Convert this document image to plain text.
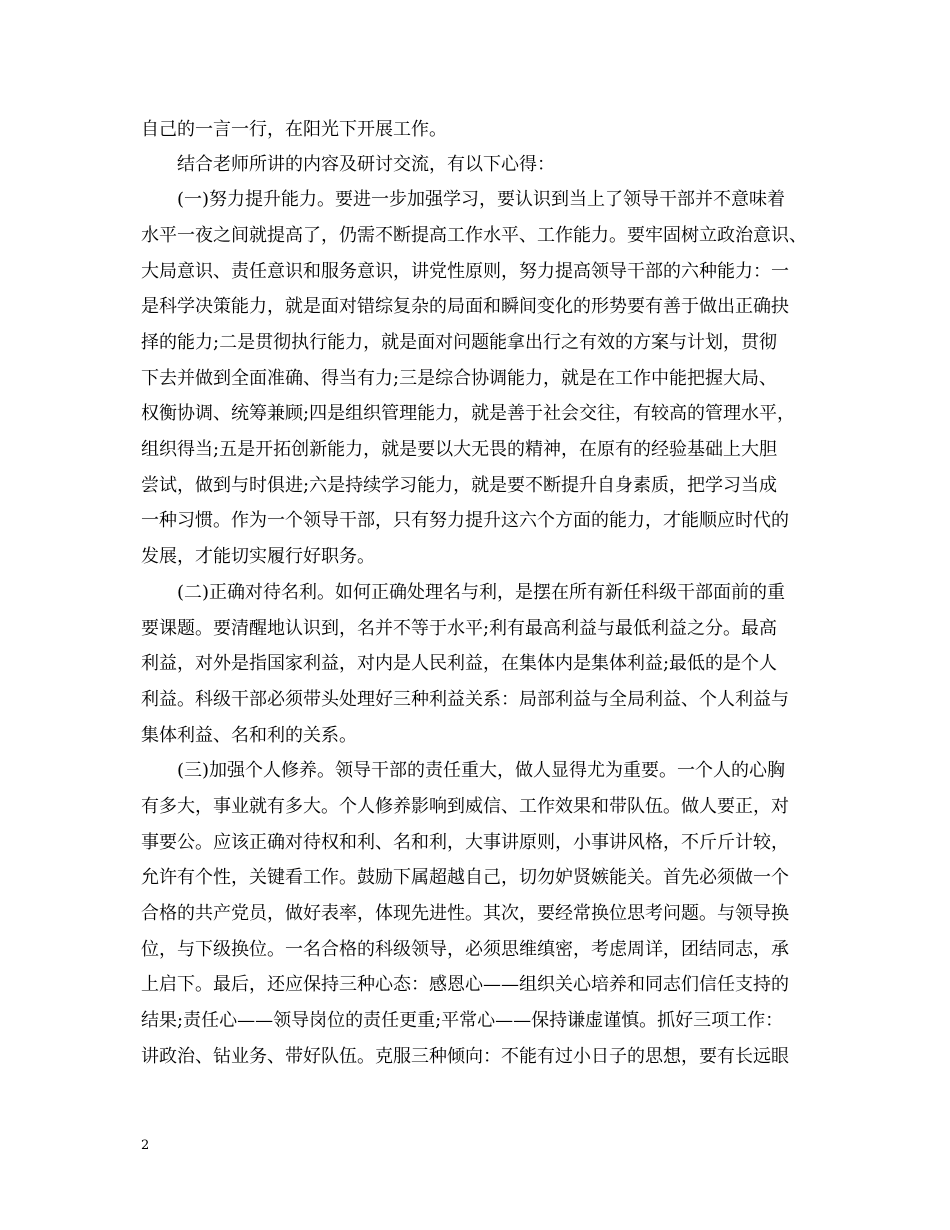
自己的一言一行，在阳光下开展工作。
结合老师所讲的内容及研讨交流，有以下心得：
(一)努力提升能力。要进一步加强学习，要认识到当上了领导干部并不意味着
水平一夜之间就提高了，仍需不断提高工作水平、工作能力。要牢固树立政治意识、
大局意识、责任意识和服务意识，讲党性原则，努力提高领导干部的六种能力：一
是科学决策能力，就是面对错综复杂的局面和瞬间变化的形势要有善于做出正确抉
择的能力;二是贯彻执行能力，就是面对问题能拿出行之有效的方案与计划，贯彻
下去并做到全面准确、得当有力;三是综合协调能力，就是在工作中能把握大局、
权衡协调、统筹兼顾;四是组织管理能力，就是善于社会交往，有较高的管理水平，
组织得当;五是开拓创新能力，就是要以大无畏的精神，在原有的经验基础上大胆
尝试，做到与时俱进;六是持续学习能力，就是要不断提升自身素质，把学习当成
一种习惯。作为一个领导干部，只有努力提升这六个方面的能力，才能顺应时代的
发展，才能切实履行好职务。
(二)正确对待名利。如何正确处理名与利，是摆在所有新任科级干部面前的重
要课题。要清醒地认识到，名并不等于水平;利有最高利益与最低利益之分。最高
利益，对外是指国家利益，对内是人民利益，在集体内是集体利益;最低的是个人
利益。科级干部必须带头处理好三种利益关系：局部利益与全局利益、个人利益与
集体利益、名和利的关系。
(三)加强个人修养。领导干部的责任重大，做人显得尤为重要。一个人的心胸
有多大，事业就有多大。个人修养影响到威信、工作效果和带队伍。做人要正，对
事要公。应该正确对待权和利、名和利，大事讲原则，小事讲风格，不斤斤计较，
允许有个性，关键看工作。鼓励下属超越自己，切勿妒贤嫉能关。首先必须做一个
合格的共产党员，做好表率，体现先进性。其次，要经常换位思考问题。与领导换
位，与下级换位。一名合格的科级领导，必须思维缜密，考虑周详，团结同志，承
上启下。最后，还应保持三种心态：感恩心——组织关心培养和同志们信任支持的
结果;责任心——领导岗位的责任更重;平常心——保持谦虚谨慎。抓好三项工作：
讲政治、钻业务、带好队伍。克服三种倾向：不能有过小日子的思想，要有长远眼
2
